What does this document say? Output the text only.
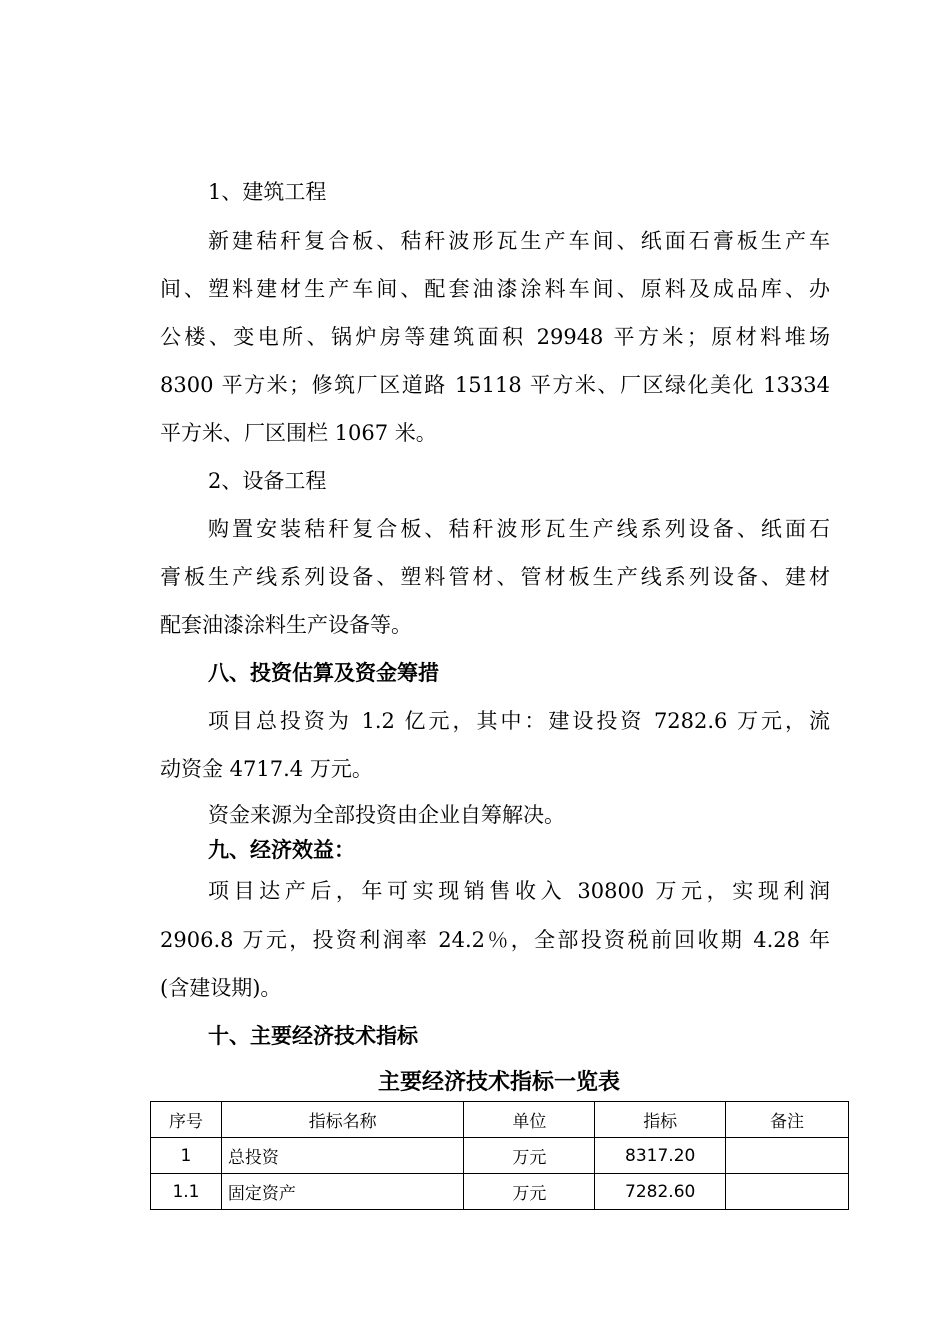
1、建筑工程
新建秸秆复合板、秸秆波形瓦生产车间、纸面石膏板生产车
间、塑料建材生产车间、配套油漆涂料车间、原料及成品库、办
公楼、变电所、锅炉房等建筑面积 29948 平方米；原材料堆场
8300 平方米；修筑厂区道路 15118 平方米、厂区绿化美化 13334
平方米、厂区围栏 1067 米。
2、设备工程
购置安装秸秆复合板、秸秆波形瓦生产线系列设备、纸面石
膏板生产线系列设备、塑料管材、管材板生产线系列设备、建材
配套油漆涂料生产设备等。
八、投资估算及资金筹措
项目总投资为 1.2 亿元，其中：建设投资 7282.6 万元，流
动资金 4717.4 万元。
资金来源为全部投资由企业自筹解决。
九、经济效益：
项目达产后，年可实现销售收入 30800 万元，实现利润
2906.8 万元，投资利润率 24.2％，全部投资税前回收期 4.28 年
(含建设期)。
十、主要经济技术指标
主要经济技术指标一览表
序号	指标名称	单位	指标	备注
1	总投资	万元	8317.20	
1.1	固定资产	万元	7282.60	
